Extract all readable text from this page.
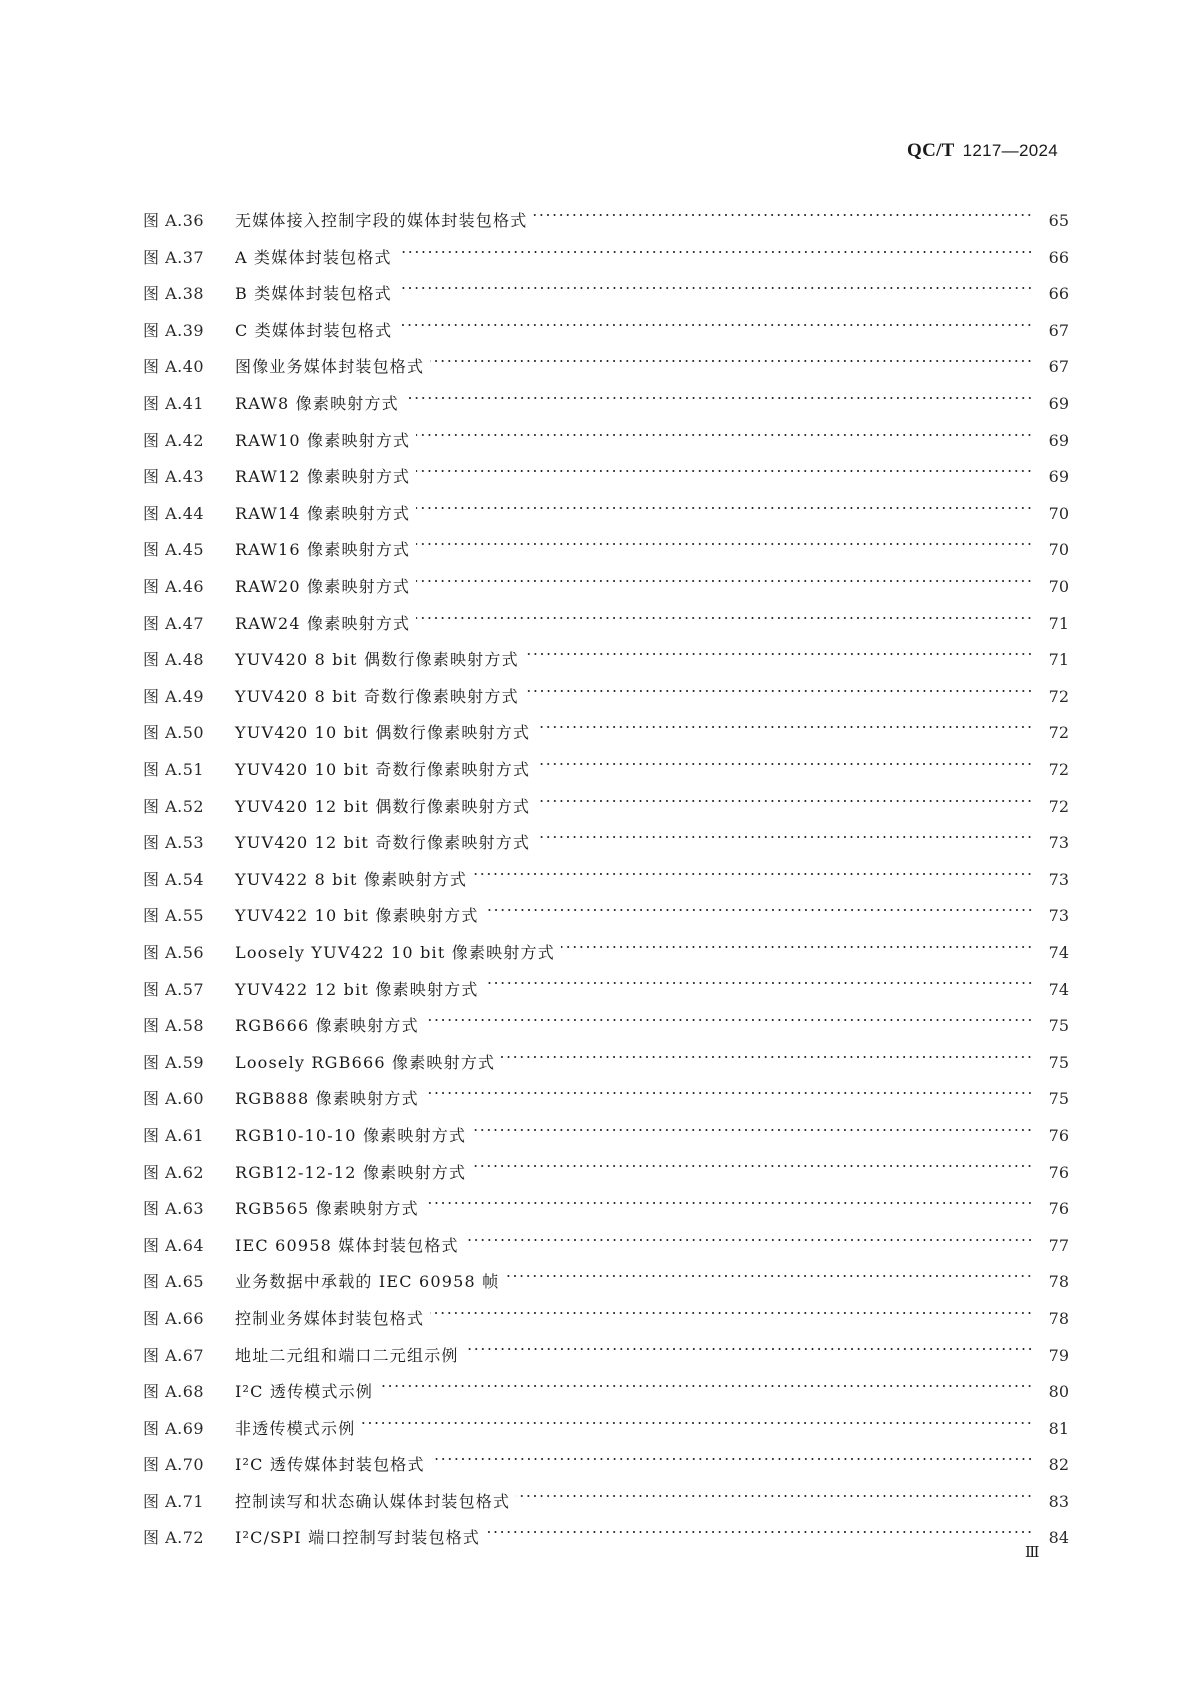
QC/T 1217—2024
图 A.36	无媒体接入控制字段的媒体封装包格式	65
图 A.37	A 类媒体封装包格式	66
图 A.38	B 类媒体封装包格式	66
图 A.39	C 类媒体封装包格式	67
图 A.40	图像业务媒体封装包格式	67
图 A.41	RAW8 像素映射方式	69
图 A.42	RAW10 像素映射方式	69
图 A.43	RAW12 像素映射方式	69
图 A.44	RAW14 像素映射方式	70
图 A.45	RAW16 像素映射方式	70
图 A.46	RAW20 像素映射方式	70
图 A.47	RAW24 像素映射方式	71
图 A.48	YUV420 8 bit 偶数行像素映射方式	71
图 A.49	YUV420 8 bit 奇数行像素映射方式	72
图 A.50	YUV420 10 bit 偶数行像素映射方式	72
图 A.51	YUV420 10 bit 奇数行像素映射方式	72
图 A.52	YUV420 12 bit 偶数行像素映射方式	72
图 A.53	YUV420 12 bit 奇数行像素映射方式	73
图 A.54	YUV422 8 bit 像素映射方式	73
图 A.55	YUV422 10 bit 像素映射方式	73
图 A.56	Loosely YUV422 10 bit 像素映射方式	74
图 A.57	YUV422 12 bit 像素映射方式	74
图 A.58	RGB666 像素映射方式	75
图 A.59	Loosely RGB666 像素映射方式	75
图 A.60	RGB888 像素映射方式	75
图 A.61	RGB10-10-10 像素映射方式	76
图 A.62	RGB12-12-12 像素映射方式	76
图 A.63	RGB565 像素映射方式	76
图 A.64	IEC 60958 媒体封装包格式	77
图 A.65	业务数据中承载的 IEC 60958 帧	78
图 A.66	控制业务媒体封装包格式	78
图 A.67	地址二元组和端口二元组示例	79
图 A.68	I²C 透传模式示例	80
图 A.69	非透传模式示例	81
图 A.70	I²C 透传媒体封装包格式	82
图 A.71	控制读写和状态确认媒体封装包格式	83
图 A.72	I²C/SPI 端口控制写封装包格式	84
Ⅲ
